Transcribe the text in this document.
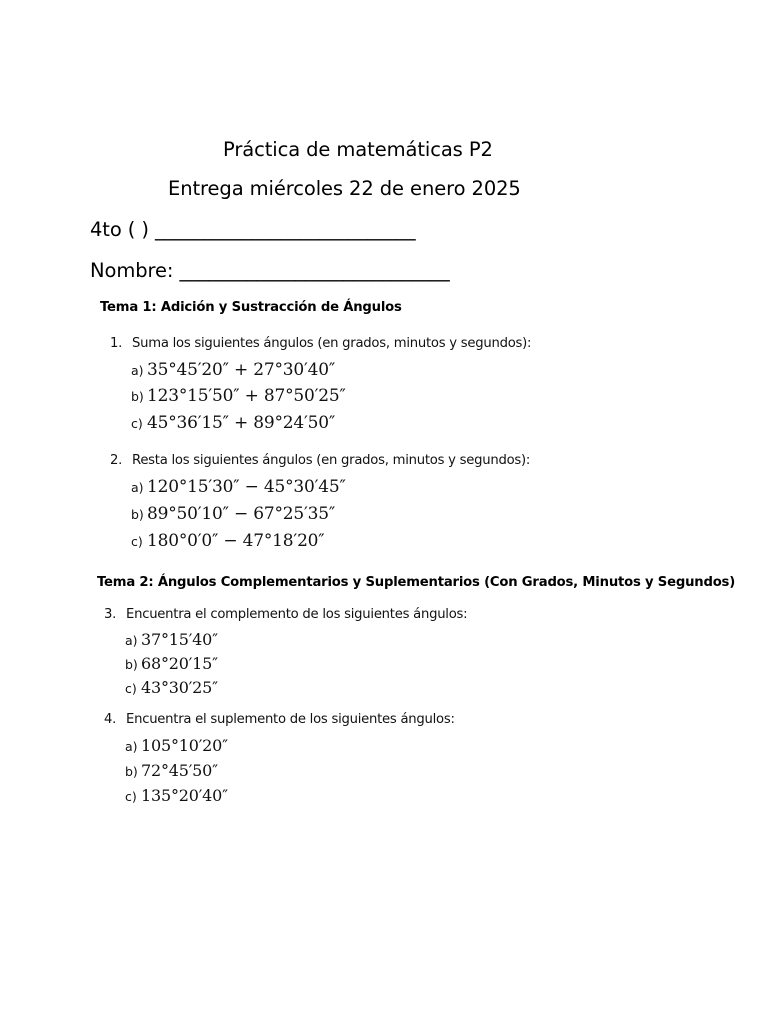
Práctica de matemáticas P2
Entrega miércoles 22 de enero 2025
4to ( ) ___________________________
Nombre: ____________________________
Tema 1: Adición y Sustracción de Ángulos
1. Suma los siguientes ángulos (en grados, minutos y segundos):
a) 35°45′20″ + 27°30′40″
b) 123°15′50″ + 87°50′25″
c) 45°36′15″ + 89°24′50″
2. Resta los siguientes ángulos (en grados, minutos y segundos):
a) 120°15′30″ − 45°30′45″
b) 89°50′10″ − 67°25′35″
c) 180°0′0″ − 47°18′20″
Tema 2: Ángulos Complementarios y Suplementarios (Con Grados, Minutos y Segundos)
3. Encuentra el complemento de los siguientes ángulos:
a) 37°15′40″
b) 68°20′15″
c) 43°30′25″
4. Encuentra el suplemento de los siguientes ángulos:
a) 105°10′20″
b) 72°45′50″
c) 135°20′40″
